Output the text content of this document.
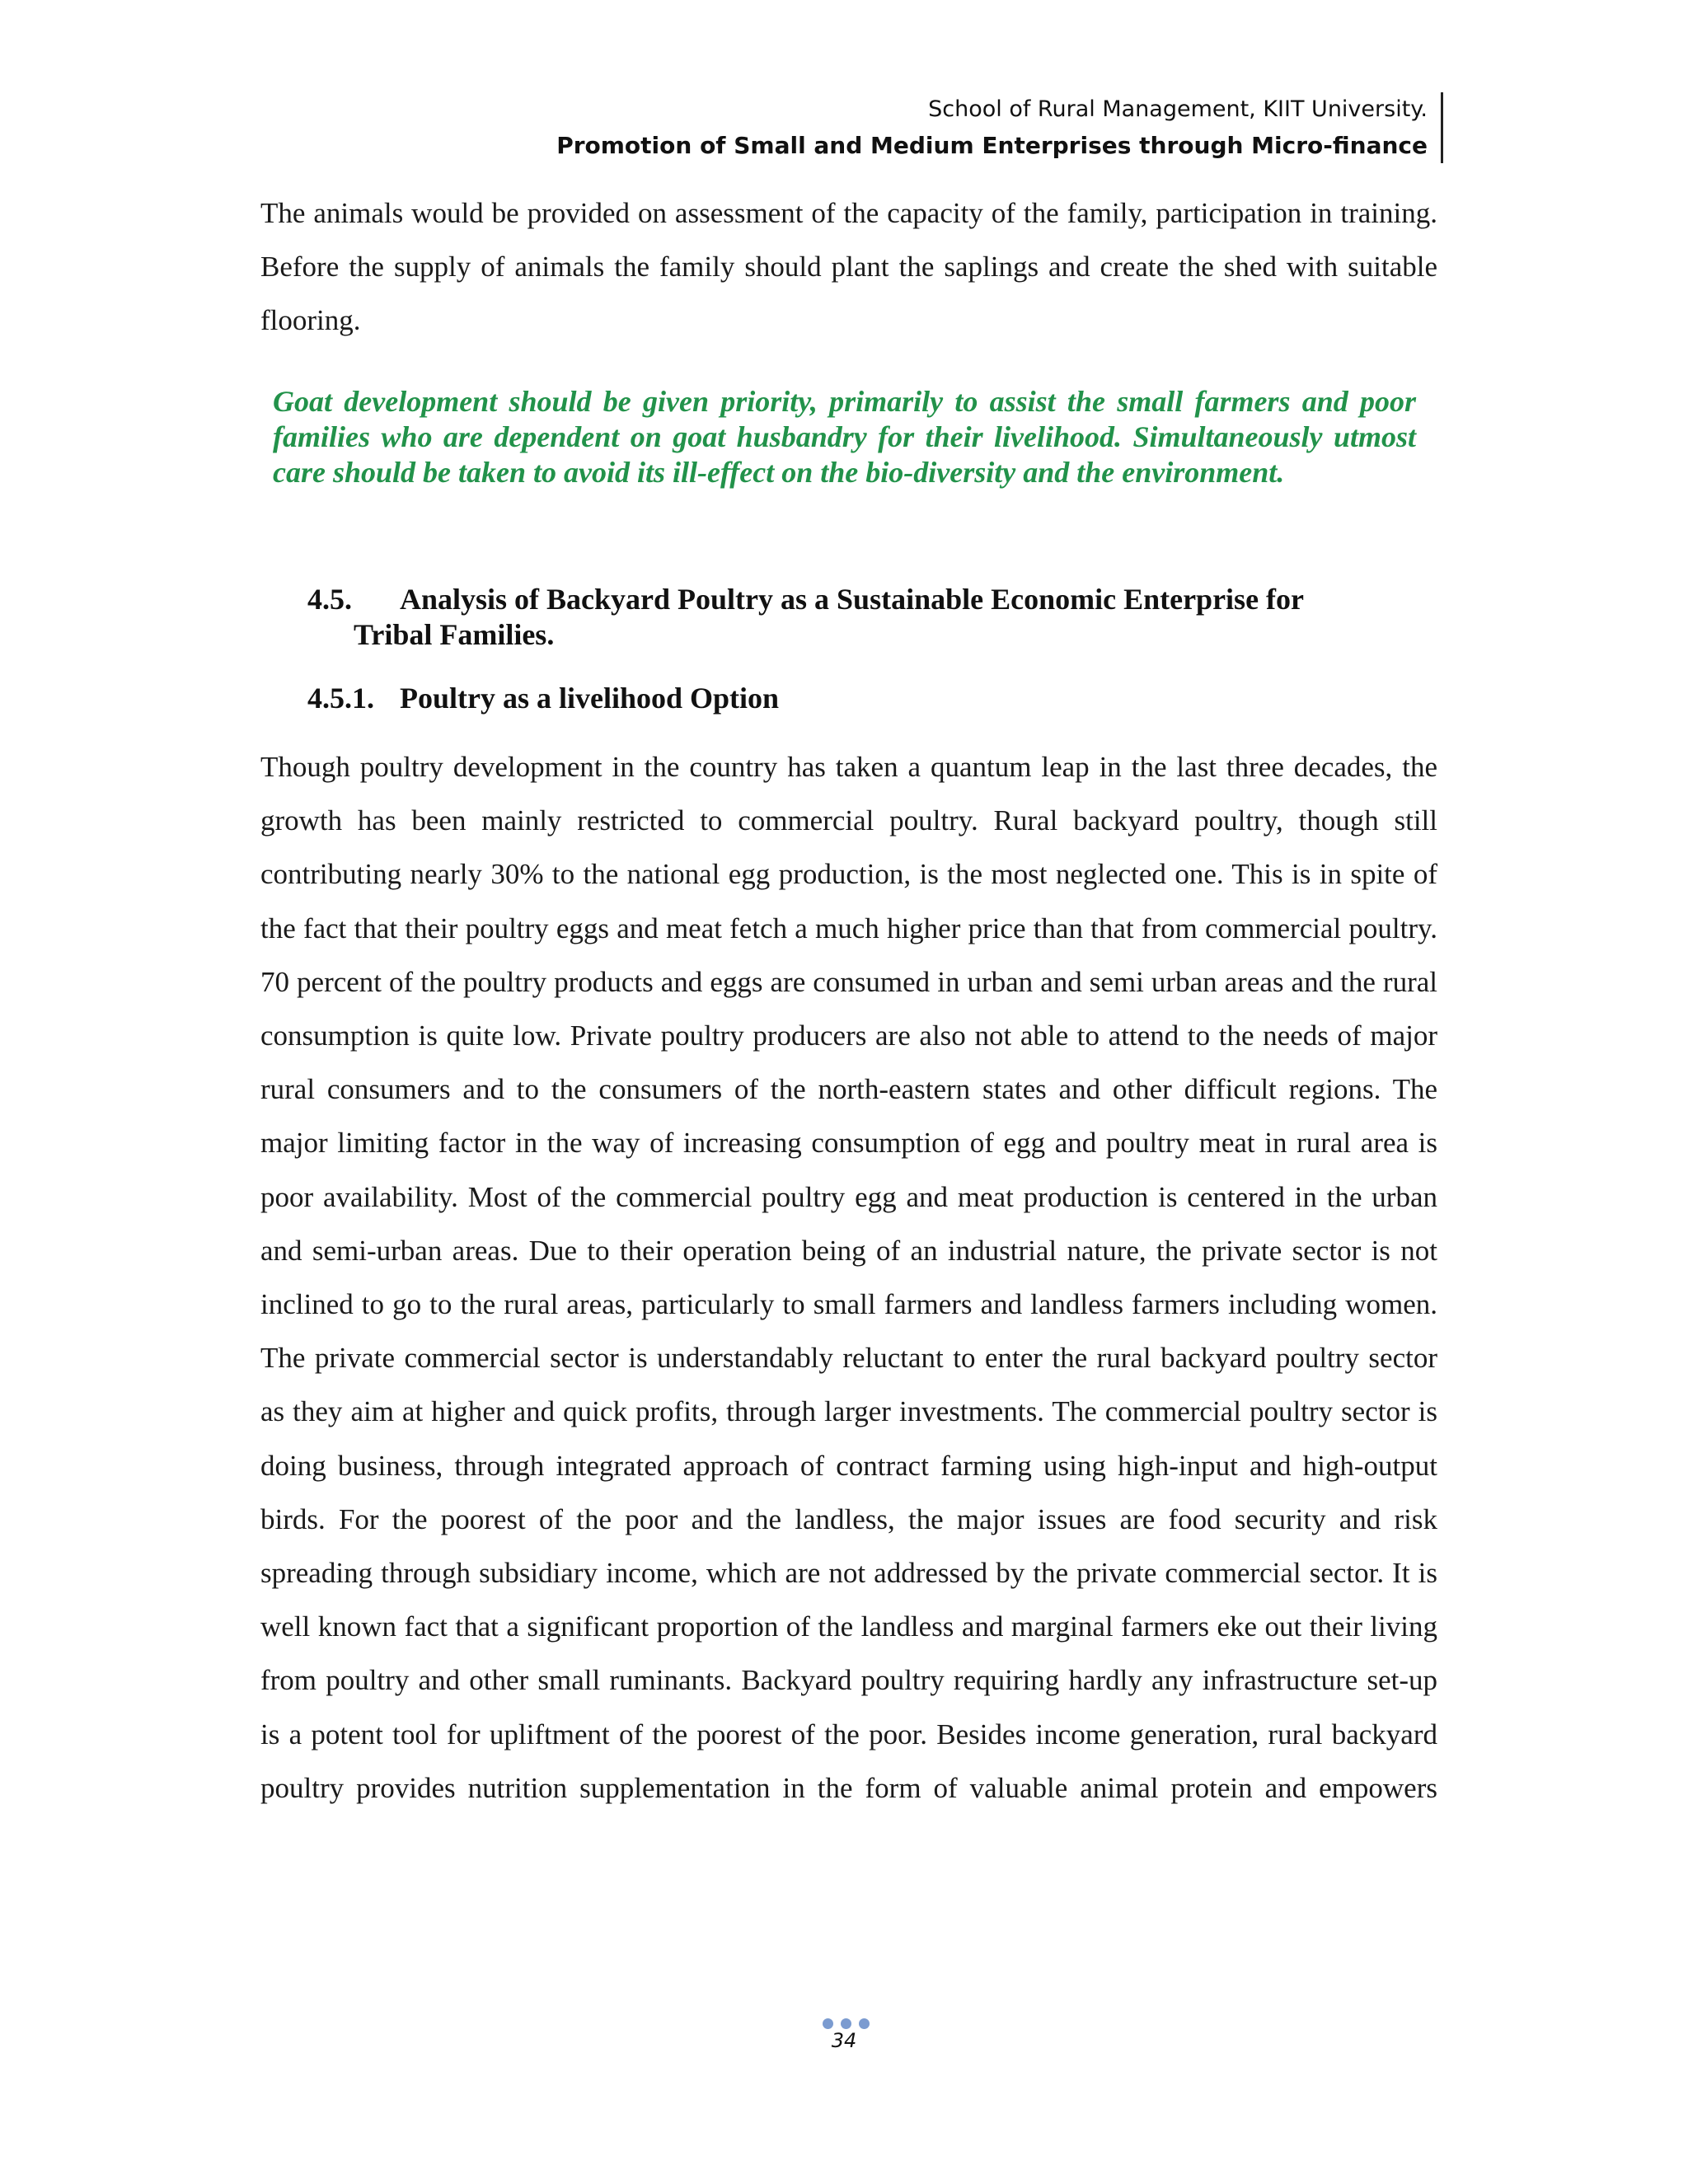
School of Rural Management, KIIT University.
Promotion of Small and Medium Enterprises through Micro-finance

The animals would be provided on assessment of the capacity of the family, participation in training. Before the supply of animals the family should plant the saplings and create the shed with suitable flooring.

Goat development should be given priority, primarily to assist the small farmers and poor families who are dependent on goat husbandry for their livelihood. Simultaneously utmost care should be taken to avoid its ill-effect on the bio-diversity and the environment.

4.5. Analysis of Backyard Poultry as a Sustainable Economic Enterprise for
Tribal Families.
4.5.1. Poultry as a livelihood Option

Though poultry development in the country has taken a quantum leap in the last three decades, the growth has been mainly restricted to commercial poultry. Rural backyard poultry, though still contributing nearly 30% to the national egg production, is the most neglected one. This is in spite of the fact that their poultry eggs and meat fetch a much higher price than that from commercial poultry. 70 percent of the poultry products and eggs are consumed in urban and semi urban areas and the rural consumption is quite low. Private poultry producers are also not able to attend to the needs of major rural consumers and to the consumers of the north-eastern states and other difficult regions. The major limiting factor in the way of increasing consumption of egg and poultry meat in rural area is poor availability. Most of the commercial poultry egg and meat production is centered in the urban and semi-urban areas. Due to their operation being of an industrial nature, the private sector is not inclined to go to the rural areas, particularly to small farmers and landless farmers including women. The private commercial sector is understandably reluctant to enter the rural backyard poultry sector as they aim at higher and quick profits, through larger investments. The commercial poultry sector is doing business, through integrated approach of contract farming using high-input and high-output birds. For the poorest of the poor and the landless, the major issues are food security and risk spreading through subsidiary income, which are not addressed by the private commercial sector. It is well known fact that a significant proportion of the landless and marginal farmers eke out their living from poultry and other small ruminants. Backyard poultry requiring hardly any infrastructure set-up is a potent tool for upliftment of the poorest of the poor. Besides income generation, rural backyard poultry provides nutrition supplementation in the form of valuable animal protein and empowers

34
